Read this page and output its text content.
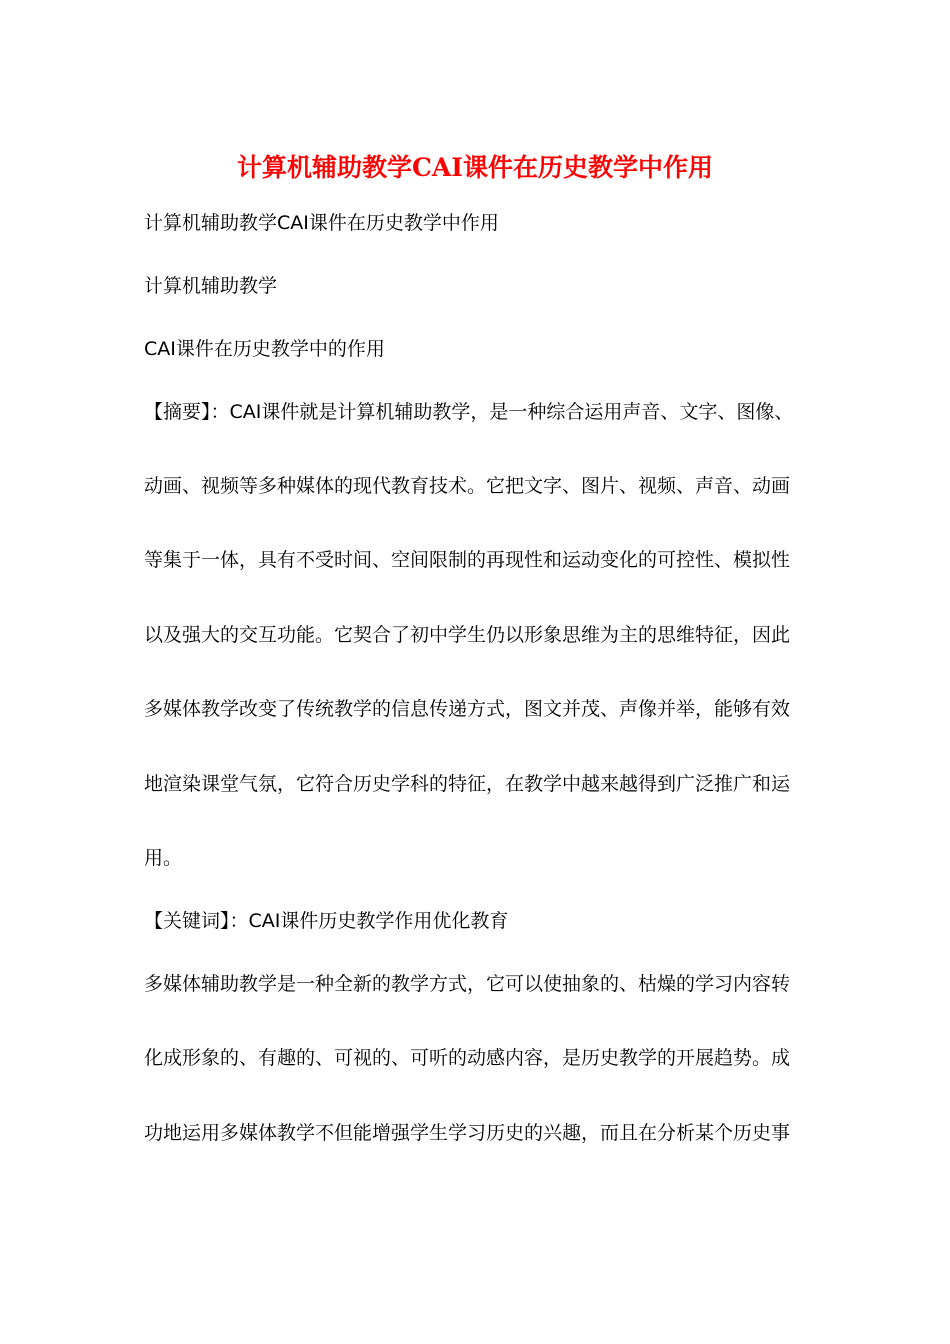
计算机辅助教学CAI课件在历史教学中作用
计算机辅助教学CAI课件在历史教学中作用
计算机辅助教学
CAI课件在历史教学中的作用
【摘要】：CAI课件就是计算机辅助教学，是一种综合运用声音、文字、图像、
动画、视频等多种媒体的现代教育技术。它把文字、图片、视频、声音、动画
等集于一体，具有不受时间、空间限制的再现性和运动变化的可控性、模拟性
以及强大的交互功能。它契合了初中学生仍以形象思维为主的思维特征，因此
多媒体教学改变了传统教学的信息传递方式，图文并茂、声像并举，能够有效
地渲染课堂气氛，它符合历史学科的特征，在教学中越来越得到广泛推广和运
用。
【关键词】：CAI课件历史教学作用优化教育
多媒体辅助教学是一种全新的教学方式，它可以使抽象的、枯燥的学习内容转
化成形象的、有趣的、可视的、可听的动感内容，是历史教学的开展趋势。成
功地运用多媒体教学不但能增强学生学习历史的兴趣，而且在分析某个历史事
